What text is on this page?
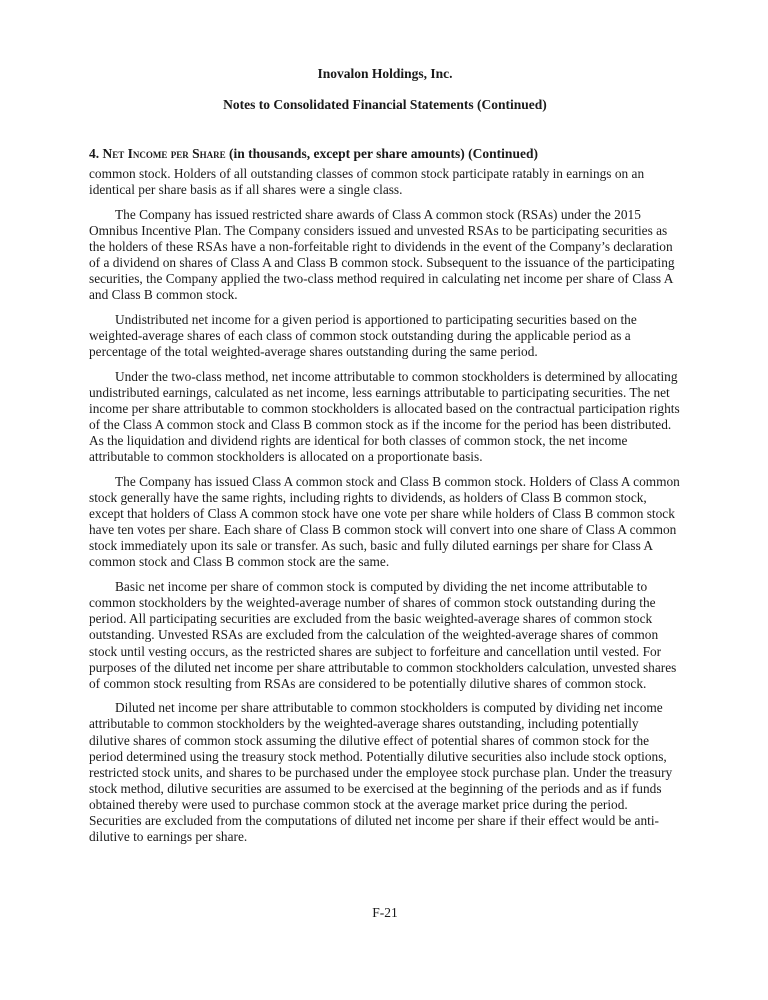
Inovalon Holdings, Inc.
Notes to Consolidated Financial Statements (Continued)
4. Net Income per Share (in thousands, except per share amounts) (Continued)

common stock. Holders of all outstanding classes of common stock participate ratably in earnings on an identical per share basis as if all shares were a single class.

The Company has issued restricted share awards of Class A common stock (RSAs) under the 2015 Omnibus Incentive Plan. The Company considers issued and unvested RSAs to be participating securities as the holders of these RSAs have a non-forfeitable right to dividends in the event of the Company’s declaration of a dividend on shares of Class A and Class B common stock. Subsequent to the issuance of the participating securities, the Company applied the two-class method required in calculating net income per share of Class A and Class B common stock.

Undistributed net income for a given period is apportioned to participating securities based on the weighted-average shares of each class of common stock outstanding during the applicable period as a percentage of the total weighted-average shares outstanding during the same period.

Under the two-class method, net income attributable to common stockholders is determined by allocating undistributed earnings, calculated as net income, less earnings attributable to participating securities. The net income per share attributable to common stockholders is allocated based on the contractual participation rights of the Class A common stock and Class B common stock as if the income for the period has been distributed. As the liquidation and dividend rights are identical for both classes of common stock, the net income attributable to common stockholders is allocated on a proportionate basis.

The Company has issued Class A common stock and Class B common stock. Holders of Class A common stock generally have the same rights, including rights to dividends, as holders of Class B common stock, except that holders of Class A common stock have one vote per share while holders of Class B common stock have ten votes per share. Each share of Class B common stock will convert into one share of Class A common stock immediately upon its sale or transfer. As such, basic and fully diluted earnings per share for Class A common stock and Class B common stock are the same.

Basic net income per share of common stock is computed by dividing the net income attributable to common stockholders by the weighted-average number of shares of common stock outstanding during the period. All participating securities are excluded from the basic weighted-average shares of common stock outstanding. Unvested RSAs are excluded from the calculation of the weighted-average shares of common stock until vesting occurs, as the restricted shares are subject to forfeiture and cancellation until vested. For purposes of the diluted net income per share attributable to common stockholders calculation, unvested shares of common stock resulting from RSAs are considered to be potentially dilutive shares of common stock.

Diluted net income per share attributable to common stockholders is computed by dividing net income attributable to common stockholders by the weighted-average shares outstanding, including potentially dilutive shares of common stock assuming the dilutive effect of potential shares of common stock for the period determined using the treasury stock method. Potentially dilutive securities also include stock options, restricted stock units, and shares to be purchased under the employee stock purchase plan. Under the treasury stock method, dilutive securities are assumed to be exercised at the beginning of the periods and as if funds obtained thereby were used to purchase common stock at the average market price during the period. Securities are excluded from the computations of diluted net income per share if their effect would be anti-dilutive to earnings per share.

F-21
